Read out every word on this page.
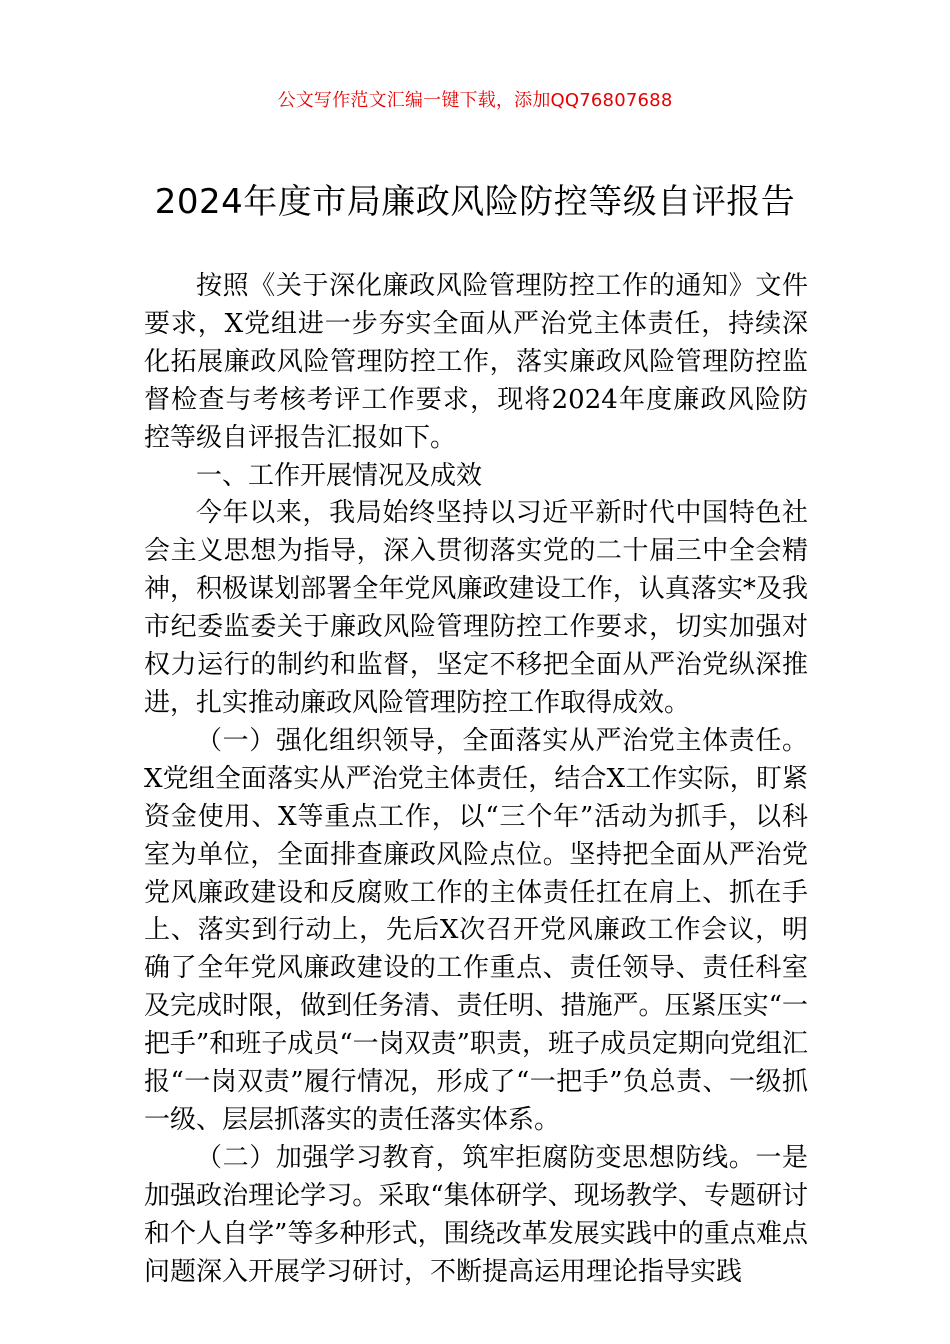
公文写作范文汇编一键下载，添加QQ76807688
2024年度市局廉政风险防控等级自评报告

按照《关于深化廉政风险管理防控工作的通知》文件要求，X党组进一步夯实全面从严治党主体责任，持续深化拓展廉政风险管理防控工作，落实廉政风险管理防控监督检查与考核考评工作要求，现将2024年度廉政风险防控等级自评报告汇报如下。

一、工作开展情况及成效

今年以来，我局始终坚持以习近平新时代中国特色社会主义思想为指导，深入贯彻落实党的二十届三中全会精神，积极谋划部署全年党风廉政建设工作，认真落实*及我市纪委监委关于廉政风险管理防控工作要求，切实加强对权力运行的制约和监督，坚定不移把全面从严治党纵深推进，扎实推动廉政风险管理防控工作取得成效。

（一）强化组织领导，全面落实从严治党主体责任。X党组全面落实从严治党主体责任，结合X工作实际，盯紧资金使用、X等重点工作，以“三个年”活动为抓手，以科室为单位，全面排查廉政风险点位。坚持把全面从严治党党风廉政建设和反腐败工作的主体责任扛在肩上、抓在手上、落实到行动上，先后X次召开党风廉政工作会议，明确了全年党风廉政建设的工作重点、责任领导、责任科室及完成时限，做到任务清、责任明、措施严。压紧压实“一把手”和班子成员“一岗双责”职责，班子成员定期向党组汇报“一岗双责”履行情况，形成了“一把手”负总责、一级抓一级、层层抓落实的责任落实体系。

（二）加强学习教育，筑牢拒腐防变思想防线。一是加强政治理论学习。采取“集体研学、现场教学、专题研讨和个人自学”等多种形式，围绕改革发展实践中的重点难点问题深入开展学习研讨，不断提高运用理论指导实践
